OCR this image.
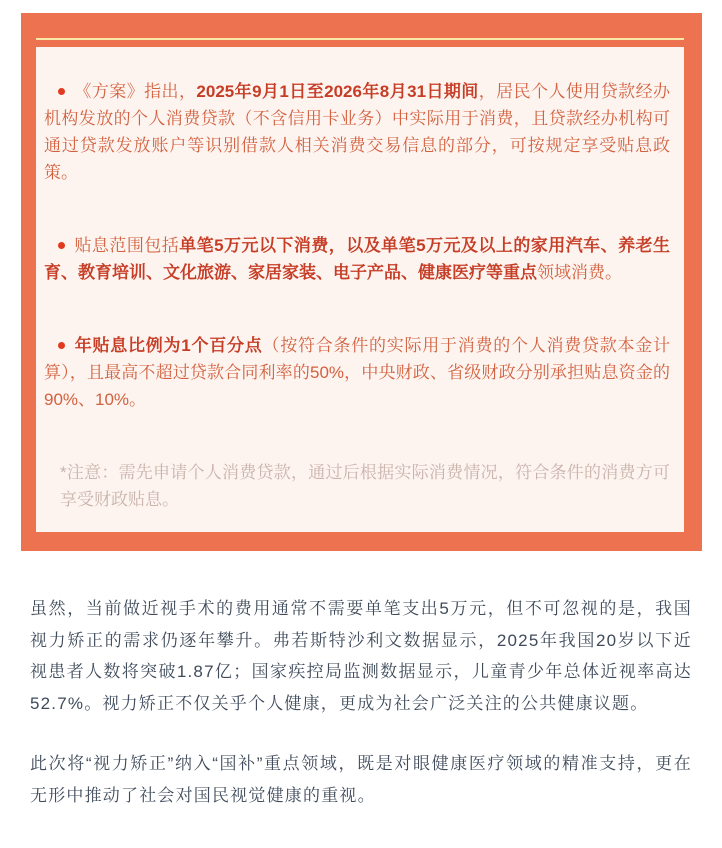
《方案》指出，2025年9月1日至2026年8月31日期间，居民个人使用贷款经办机构发放的个人消费贷款（不含信用卡业务）中实际用于消费，且贷款经办机构可通过贷款发放账户等识别借款人相关消费交易信息的部分，可按规定享受贴息政策。

贴息范围包括单笔5万元以下消费，以及单笔5万元及以上的家用汽车、养老生育、教育培训、文化旅游、家居家装、电子产品、健康医疗等重点领域消费。

年贴息比例为1个百分点（按符合条件的实际用于消费的个人消费贷款本金计算），且最高不超过贷款合同利率的50%，中央财政、省级财政分别承担贴息资金的90%、10%。

*注意：需先申请个人消费贷款，通过后根据实际消费情况，符合条件的消费方可享受财政贴息。

虽然，当前做近视手术的费用通常不需要单笔支出5万元，但不可忽视的是，我国视力矫正的需求仍逐年攀升。弗若斯特沙利文数据显示，2025年我国20岁以下近视患者人数将突破1.87亿；国家疾控局监测数据显示，儿童青少年总体近视率高达52.7%。视力矫正不仅关乎个人健康，更成为社会广泛关注的公共健康议题。

此次将“视力矫正”纳入“国补”重点领域，既是对眼健康医疗领域的精准支持，更在无形中推动了社会对国民视觉健康的重视。
